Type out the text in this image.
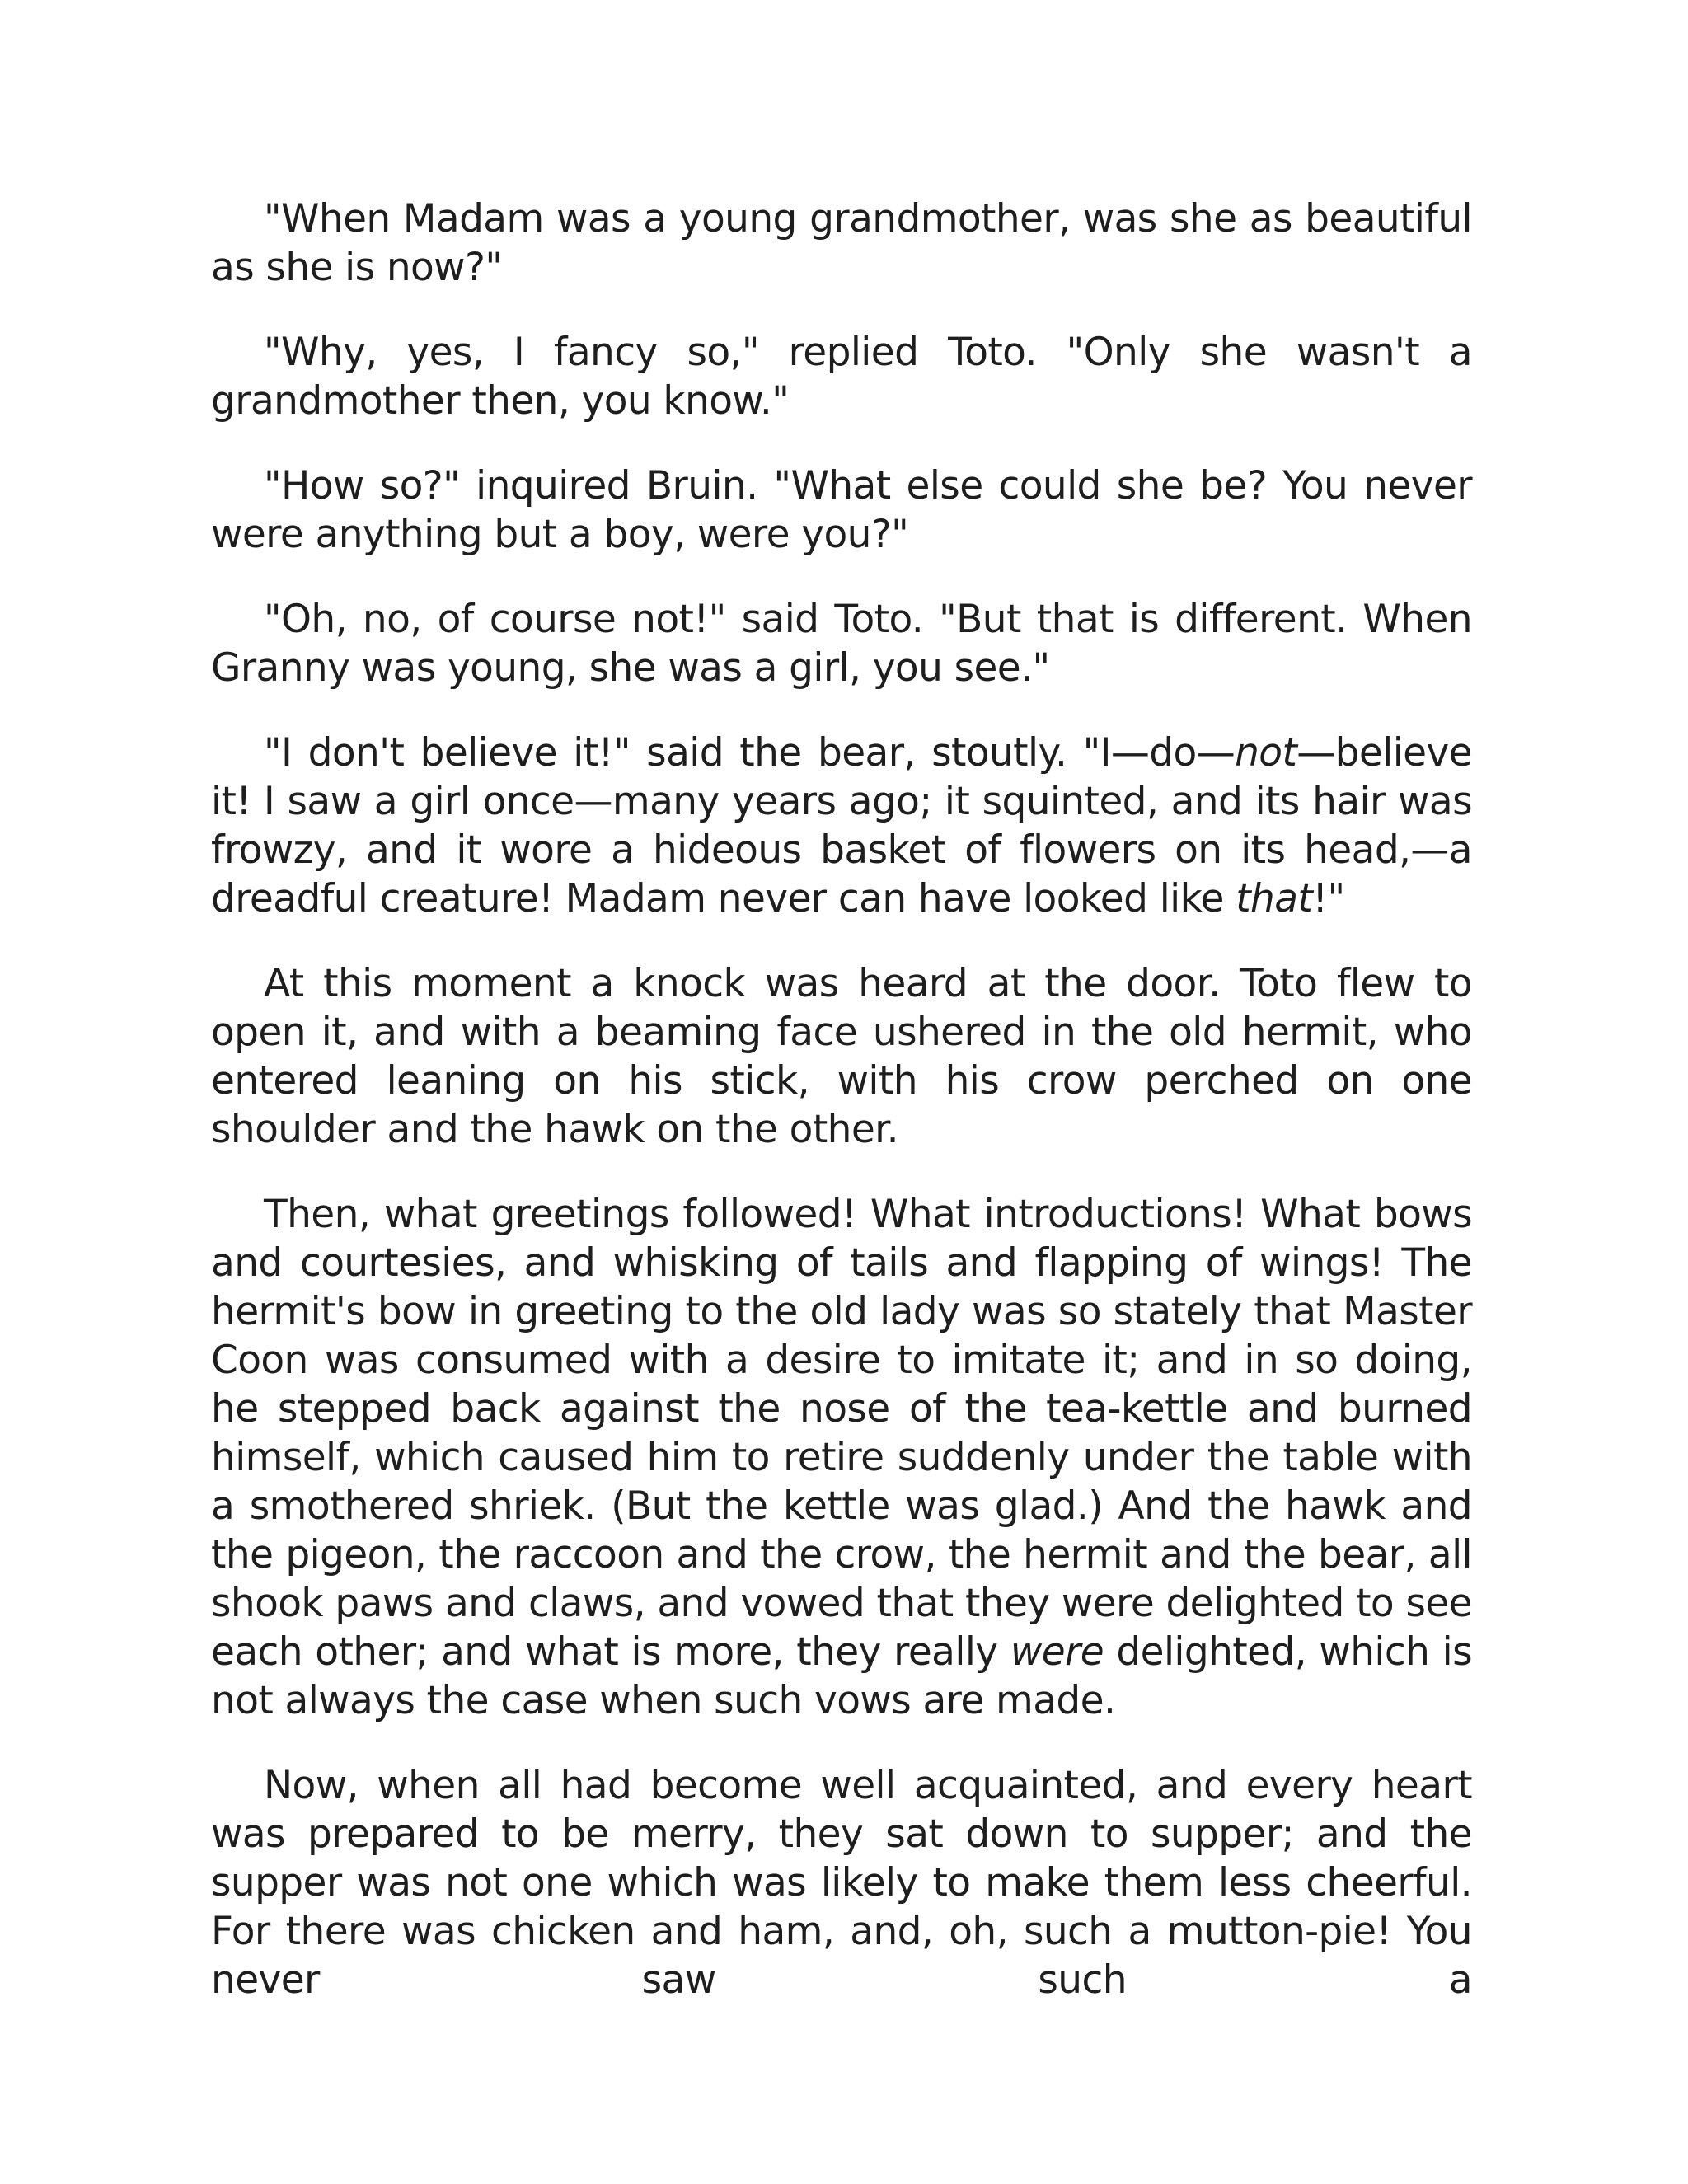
"When Madam was a young grandmother, was she as beautiful as she is now?"

"Why, yes, I fancy so," replied Toto. "Only she wasn't a grandmother then, you know."

"How so?" inquired Bruin. "What else could she be? You never were anything but a boy, were you?"

"Oh, no, of course not!" said Toto. "But that is different. When Granny was young, she was a girl, you see."

"I don't believe it!" said the bear, stoutly. "I—do—not—believe it! I saw a girl once—many years ago; it squinted, and its hair was frowzy, and it wore a hideous basket of flowers on its head,—a dreadful creature! Madam never can have looked like that!"

At this moment a knock was heard at the door. Toto flew to open it, and with a beaming face ushered in the old hermit, who entered leaning on his stick, with his crow perched on one shoulder and the hawk on the other.

Then, what greetings followed! What introductions! What bows and courtesies, and whisking of tails and flapping of wings! The hermit's bow in greeting to the old lady was so stately that Master Coon was consumed with a desire to imitate it; and in so doing, he stepped back against the nose of the tea-kettle and burned himself, which caused him to retire suddenly under the table with a smothered shriek. (But the kettle was glad.) And the hawk and the pigeon, the raccoon and the crow, the hermit and the bear, all shook paws and claws, and vowed that they were delighted to see each other; and what is more, they really were delighted, which is not always the case when such vows are made.

Now, when all had become well acquainted, and every heart was prepared to be merry, they sat down to supper; and the supper was not one which was likely to make them less cheerful. For there was chicken and ham, and, oh, such a mutton-pie! You never saw such a
